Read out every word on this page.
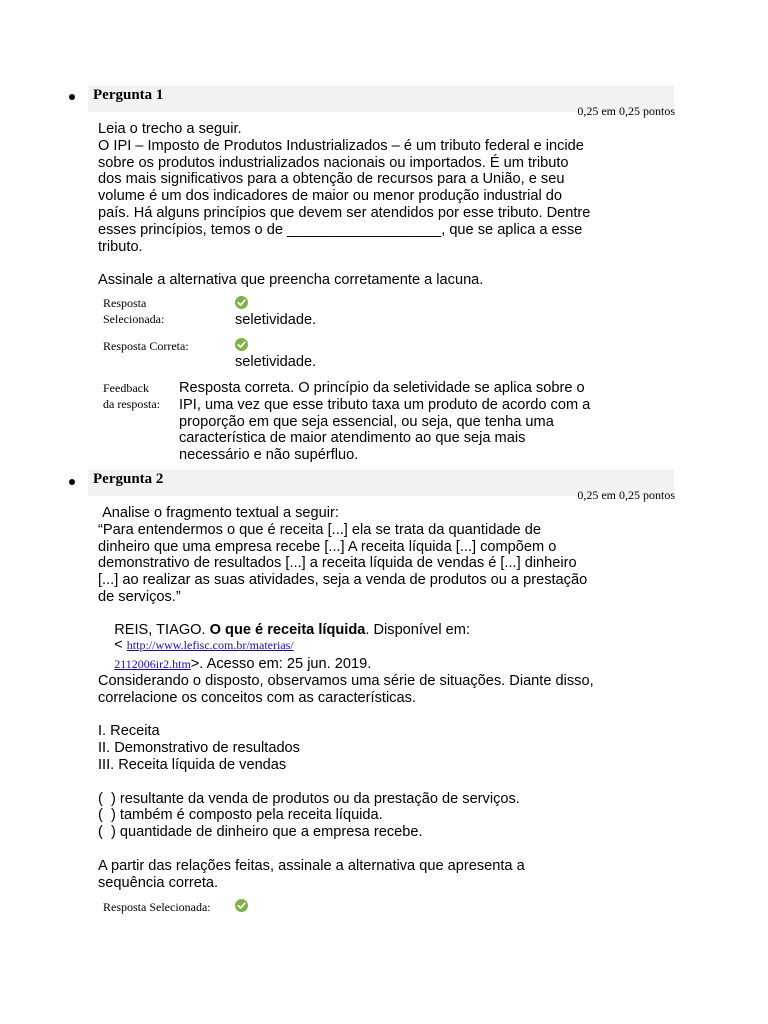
Pergunta 1
0,25 em 0,25 pontos
Leia o trecho a seguir.
O IPI – Imposto de Produtos Industrializados – é um tributo federal e incide
sobre os produtos industrializados nacionais ou importados. É um tributo
dos mais significativos para a obtenção de recursos para a União, e seu
volume é um dos indicadores de maior ou menor produção industrial do
país. Há alguns princípios que devem ser atendidos por esse tributo. Dentre
esses princípios, temos o de ___________________, que se aplica a esse
tributo.

Assinale a alternativa que preencha corretamente a lacuna.
Resposta
Selecionada:	seletividade.
Resposta Correta:
seletividade.
Feedback
da resposta:
Resposta correta. O princípio da seletividade se aplica sobre o
IPI, uma vez que esse tributo taxa um produto de acordo com a
proporção em que seja essencial, ou seja, que tenha uma
característica de maior atendimento ao que seja mais
necessário e não supérfluo.
Pergunta 2
0,25 em 0,25 pontos
Analise o fragmento textual a seguir:
“Para entendermos o que é receita [...] ela se trata da quantidade de
dinheiro que uma empresa recebe [...] A receita líquida [...] compõem o
demonstrativo de resultados [...] a receita líquida de vendas é [...] dinheiro
[...] ao realizar as suas atividades, seja a venda de produtos ou a prestação
de serviços.”

REIS, TIAGO. O que é receita líquida. Disponível em:

< http://www.lefisc.com.br/materias/

2112006ir2.htm>. Acesso em: 25 jun. 2019.

Considerando o disposto, observamos uma série de situações. Diante disso,
correlacione os conceitos com as características.

I. Receita
II. Demonstrativo de resultados
III. Receita líquida de vendas

(  ) resultante da venda de produtos ou da prestação de serviços.
(  ) também é composto pela receita líquida.
(  ) quantidade de dinheiro que a empresa recebe.

A partir das relações feitas, assinale a alternativa que apresenta a
sequência correta.
Resposta Selecionada:
